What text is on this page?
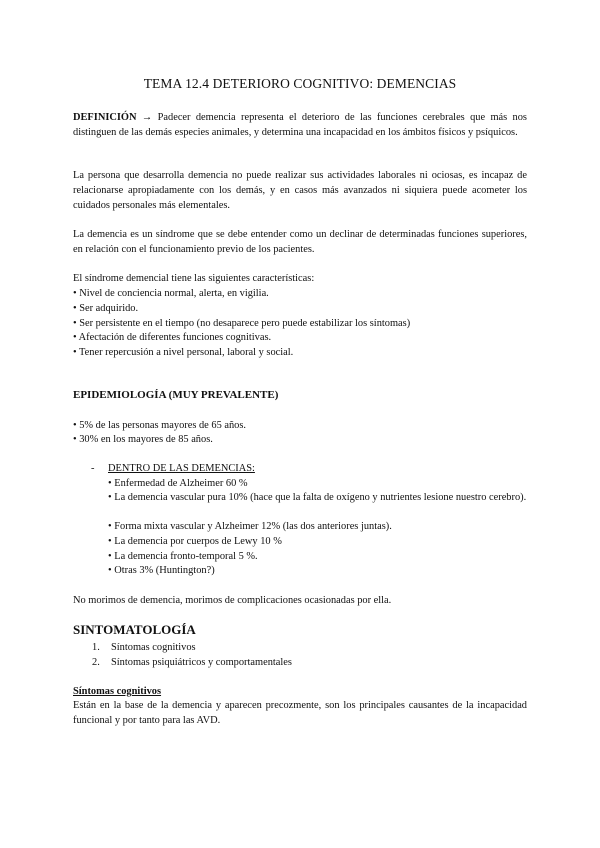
TEMA 12.4 DETERIORO COGNITIVO: DEMENCIAS
DEFINICIÓN → Padecer demencia representa el deterioro de las funciones cerebrales que más nos distinguen de las demás especies animales, y determina una incapacidad en los ámbitos físicos y psíquicos.
La persona que desarrolla demencia no puede realizar sus actividades laborales ni ociosas, es incapaz de relacionarse apropiadamente con los demás, y en casos más avanzados ni siquiera puede acometer los cuidados personales más elementales.
La demencia es un síndrome que se debe entender como un declinar de determinadas funciones superiores, en relación con el funcionamiento previo de los pacientes.
El síndrome demencial tiene las siguientes características:
• Nivel de conciencia normal, alerta, en vigilia.
• Ser adquirido.
• Ser persistente en el tiempo (no desaparece pero puede estabilizar los síntomas)
• Afectación de diferentes funciones cognitivas.
• Tener repercusión a nivel personal, laboral y social.
EPIDEMIOLOGÍA (MUY PREVALENTE)
• 5% de las personas mayores de 65 años.
• 30% en los mayores de 85 años.
- DENTRO DE LAS DEMENCIAS:
• Enfermedad de Alzheimer 60 %
• La demencia vascular pura 10% (hace que la falta de oxígeno y nutrientes lesione nuestro cerebro).
• Forma mixta vascular y Alzheimer 12% (las dos anteriores juntas).
• La demencia por cuerpos de Lewy 10 %
• La demencia fronto-temporal 5 %.
• Otras 3% (Huntington?)
No morimos de demencia, morimos de complicaciones ocasionadas por ella.
SINTOMATOLOGÍA
1. Síntomas cognitivos
2. Síntomas psiquiátricos y comportamentales
Síntomas cognitivos
Están en la base de la demencia y aparecen precozmente, son los principales causantes de la incapacidad funcional y por tanto para las AVD.
